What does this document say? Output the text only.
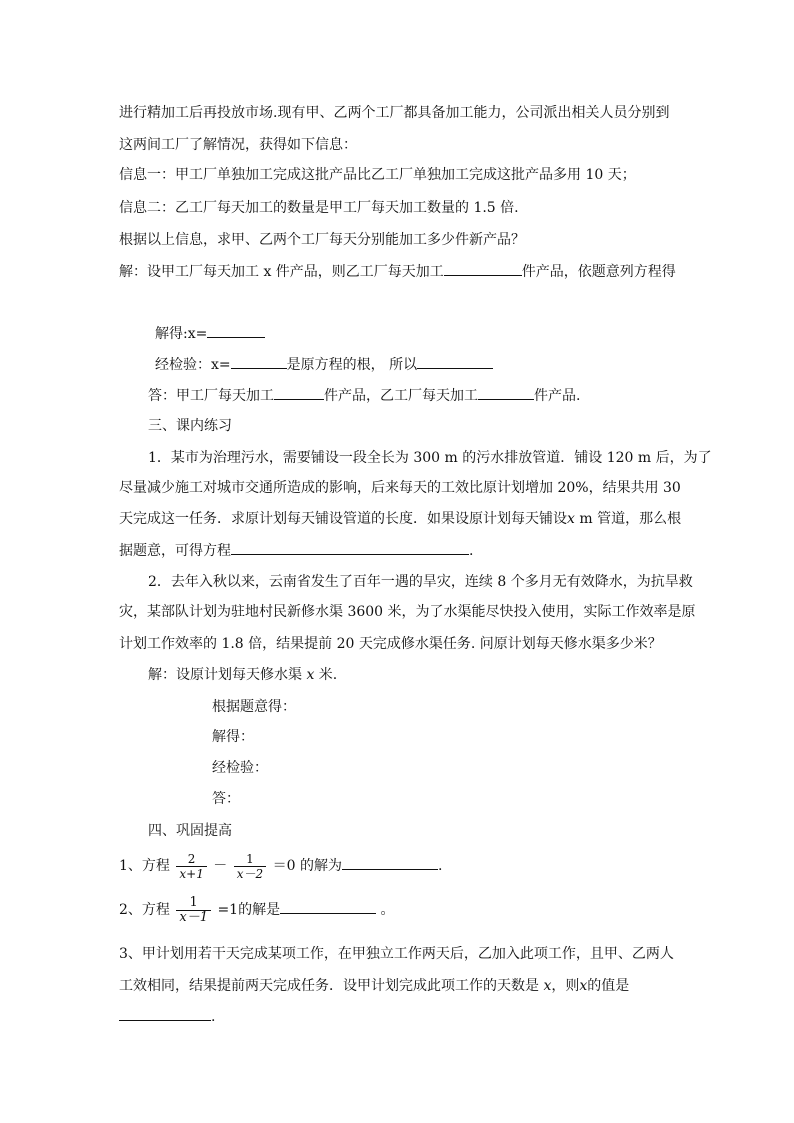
进行精加工后再投放市场.现有甲、乙两个工厂都具备加工能力，公司派出相关人员分别到
这两间工厂了解情况，获得如下信息：
信息一：甲工厂单独加工完成这批产品比乙工厂单独加工完成这批产品多用 10 天；
信息二：乙工厂每天加工的数量是甲工厂每天加工数量的 1.5 倍.
根据以上信息，求甲、乙两个工厂每天分别能加工多少件新产品？
解：设甲工厂每天加工 x 件产品，则乙工厂每天加工	件产品，依题意列方程得
解得:x=
经检验：x=	是原方程的根， 所以
答：甲工厂每天加工	件产品，乙工厂每天加工	件产品.
三、课内练习
1．某市为治理污水，需要铺设一段全长为 300 m 的污水排放管道．铺设 120 m 后，为了
尽量减少施工对城市交通所造成的影响，后来每天的工效比原计划增加 20%，结果共用 30
天完成这一任务．求原计划每天铺设管道的长度．如果设原计划每天铺设x m 管道，那么根
据题意，可得方程	.
2．去年入秋以来，云南省发生了百年一遇的旱灾，连续 8 个多月无有效降水，为抗旱救
灾，某部队计划为驻地村民新修水渠 3600 米，为了水渠能尽快投入使用，实际工作效率是原
计划工作效率的 1.8 倍，结果提前 20 天完成修水渠任务. 问原计划每天修水渠多少米？
解：设原计划每天修水渠 x 米.
根据题意得：
解得：
经检验：
答：
四、巩固提高
1、方程 $\frac{2}{x+1} - \frac{1}{x-2} =0$ 的解为	.
2、方程 $\frac{1}{x-1} =1$的解是	。
3、甲计划用若干天完成某项工作，在甲独立工作两天后，乙加入此项工作，且甲、乙两人
工效相同，结果提前两天完成任务．设甲计划完成此项工作的天数是 x，则x的值是
.
